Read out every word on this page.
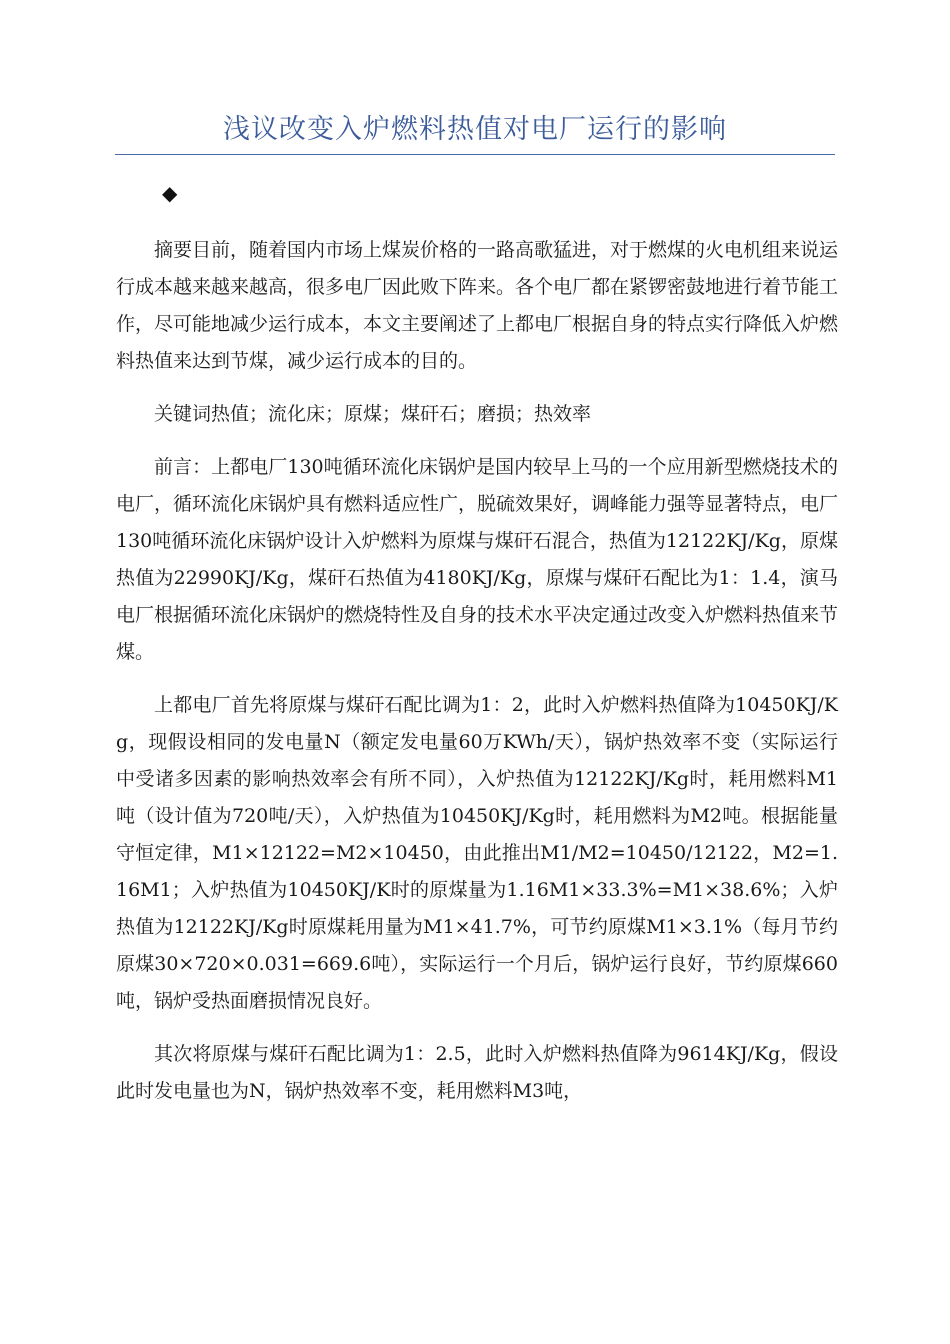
浅议改变入炉燃料热值对电厂运行的影响
◆

摘要目前，随着国内市场上煤炭价格的一路高歌猛进，对于燃煤的火电机组来说运行成本越来越来越高，很多电厂因此败下阵来。各个电厂都在紧锣密鼓地进行着节能工作，尽可能地减少运行成本，本文主要阐述了上都电厂根据自身的特点实行降低入炉燃料热值来达到节煤，减少运行成本的目的。

关键词热值；流化床；原煤；煤矸石；磨损；热效率

前言：上都电厂130吨循环流化床锅炉是国内较早上马的一个应用新型燃烧技术的电厂，循环流化床锅炉具有燃料适应性广，脱硫效果好，调峰能力强等显著特点，电厂130吨循环流化床锅炉设计入炉燃料为原煤与煤矸石混合，热值为12122KJ/Kg，原煤热值为22990KJ/Kg，煤矸石热值为4180KJ/Kg，原煤与煤矸石配比为1：1.4，演马电厂根据循环流化床锅炉的燃烧特性及自身的技术水平决定通过改变入炉燃料热值来节煤。

上都电厂首先将原煤与煤矸石配比调为1：2，此时入炉燃料热值降为10450KJ/Kg，现假设相同的发电量N（额定发电量60万KWh/天），锅炉热效率不变（实际运行中受诸多因素的影响热效率会有所不同），入炉热值为12122KJ/Kg时，耗用燃料M1吨（设计值为720吨/天），入炉热值为10450KJ/Kg时，耗用燃料为M2吨。根据能量守恒定律，M1×12122=M2×10450，由此推出M1/M2=10450/12122，M2=1.16M1；入炉热值为10450KJ/K时的原煤量为1.16M1×33.3%=M1×38.6%；入炉热值为12122KJ/Kg时原煤耗用量为M1×41.7%，可节约原煤M1×3.1%（每月节约原煤30×720×0.031=669.6吨），实际运行一个月后，锅炉运行良好，节约原煤660吨，锅炉受热面磨损情况良好。

其次将原煤与煤矸石配比调为1：2.5，此时入炉燃料热值降为9614KJ/Kg，假设此时发电量也为N，锅炉热效率不变，耗用燃料M3吨，
